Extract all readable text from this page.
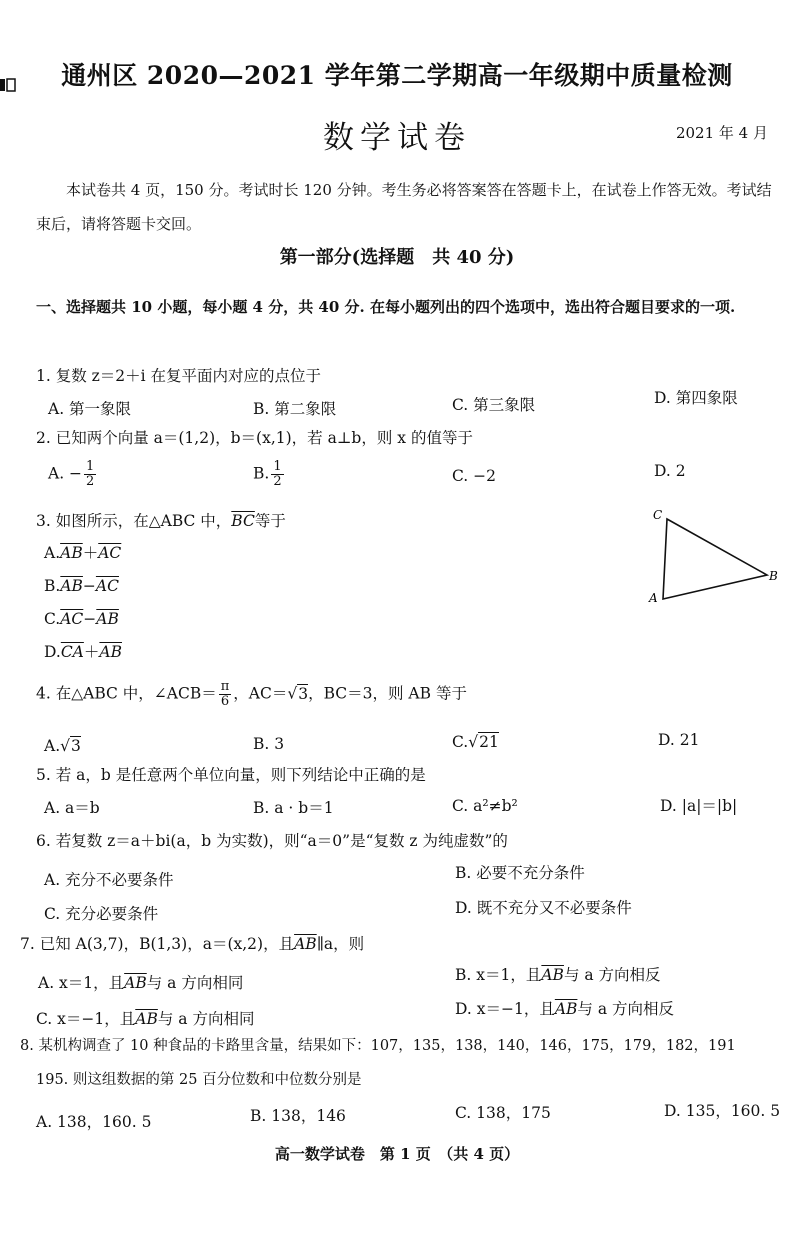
通州区 2020—2021 学年第二学期高一年级期中质量检测
数学试卷	2021 年 4 月
本试卷共 4 页，150 分。考试时长 120 分钟。考生务必将答案答在答题卡上，在试卷上作答无效。考试结束后，请将答题卡交回。
第一部分(选择题　共 40 分)
一、选择题共 10 小题，每小题 4 分，共 40 分. 在每小题列出的四个选项中，选出符合题目要求的一项.
1. 复数 z＝2＋i 在复平面内对应的点位于
A. 第一象限	B. 第二象限	C. 第三象限	D. 第四象限
2. 已知两个向量 a＝(1,2)，b＝(x,1)，若 a⊥b，则 x 的值等于
A. − $\frac{1}{2}$	B. $\frac{1}{2}$	C. −2	D. 2
3. 如图所示，在△ABC 中，$\overline{BC}$等于
$A.\overline{AB}+\overline{AC}$
$B.\overline{AB}-\overline{AC}$
$C.\overline{AC}-\overline{AB}$
$D.\overline{CA}+\overline{AB}$
C
B
A
4. 在△ABC 中，∠ACB＝ $\frac{\pi}{6}$ ，AC＝√3，BC＝3，则 AB 等于
A.√3	B. 3	C.√21	D. 21
5. 若 a，b 是任意两个单位向量，则下列结论中正确的是
A. a＝b	B. a · b＝1	C. a²≠b²	D. |a|＝|b|
6. 若复数 z＝a＋bi(a，b 为实数)，则“a＝0”是“复数 z 为纯虚数”的
A. 充分不必要条件	B. 必要不充分条件
C. 充分必要条件	D. 既不充分又不必要条件
7. 已知 A(3,7)，B(1,3)，a＝(x,2)，且$\overline{AB}\parallel a$，则
A. x＝1，且$\overline{AB}$与 a 方向相同	B. x＝1，且$\overline{AB}$与 a 方向相反
C. x＝−1，且$\overline{AB}$与 a 方向相同
D. x＝−1，且$\overline{AB}$与 a 方向相反
8. 某机构调查了 10 种食品的卡路里含量，结果如下：107，135，138，140，146，175，179，182，191
195. 则这组数据的第 25 百分位数和中位数分别是
A. 138，160. 5	B. 138，146	C. 138，175	D. 135，160. 5
高一数学试卷　第 1 页　（共 4 页）
